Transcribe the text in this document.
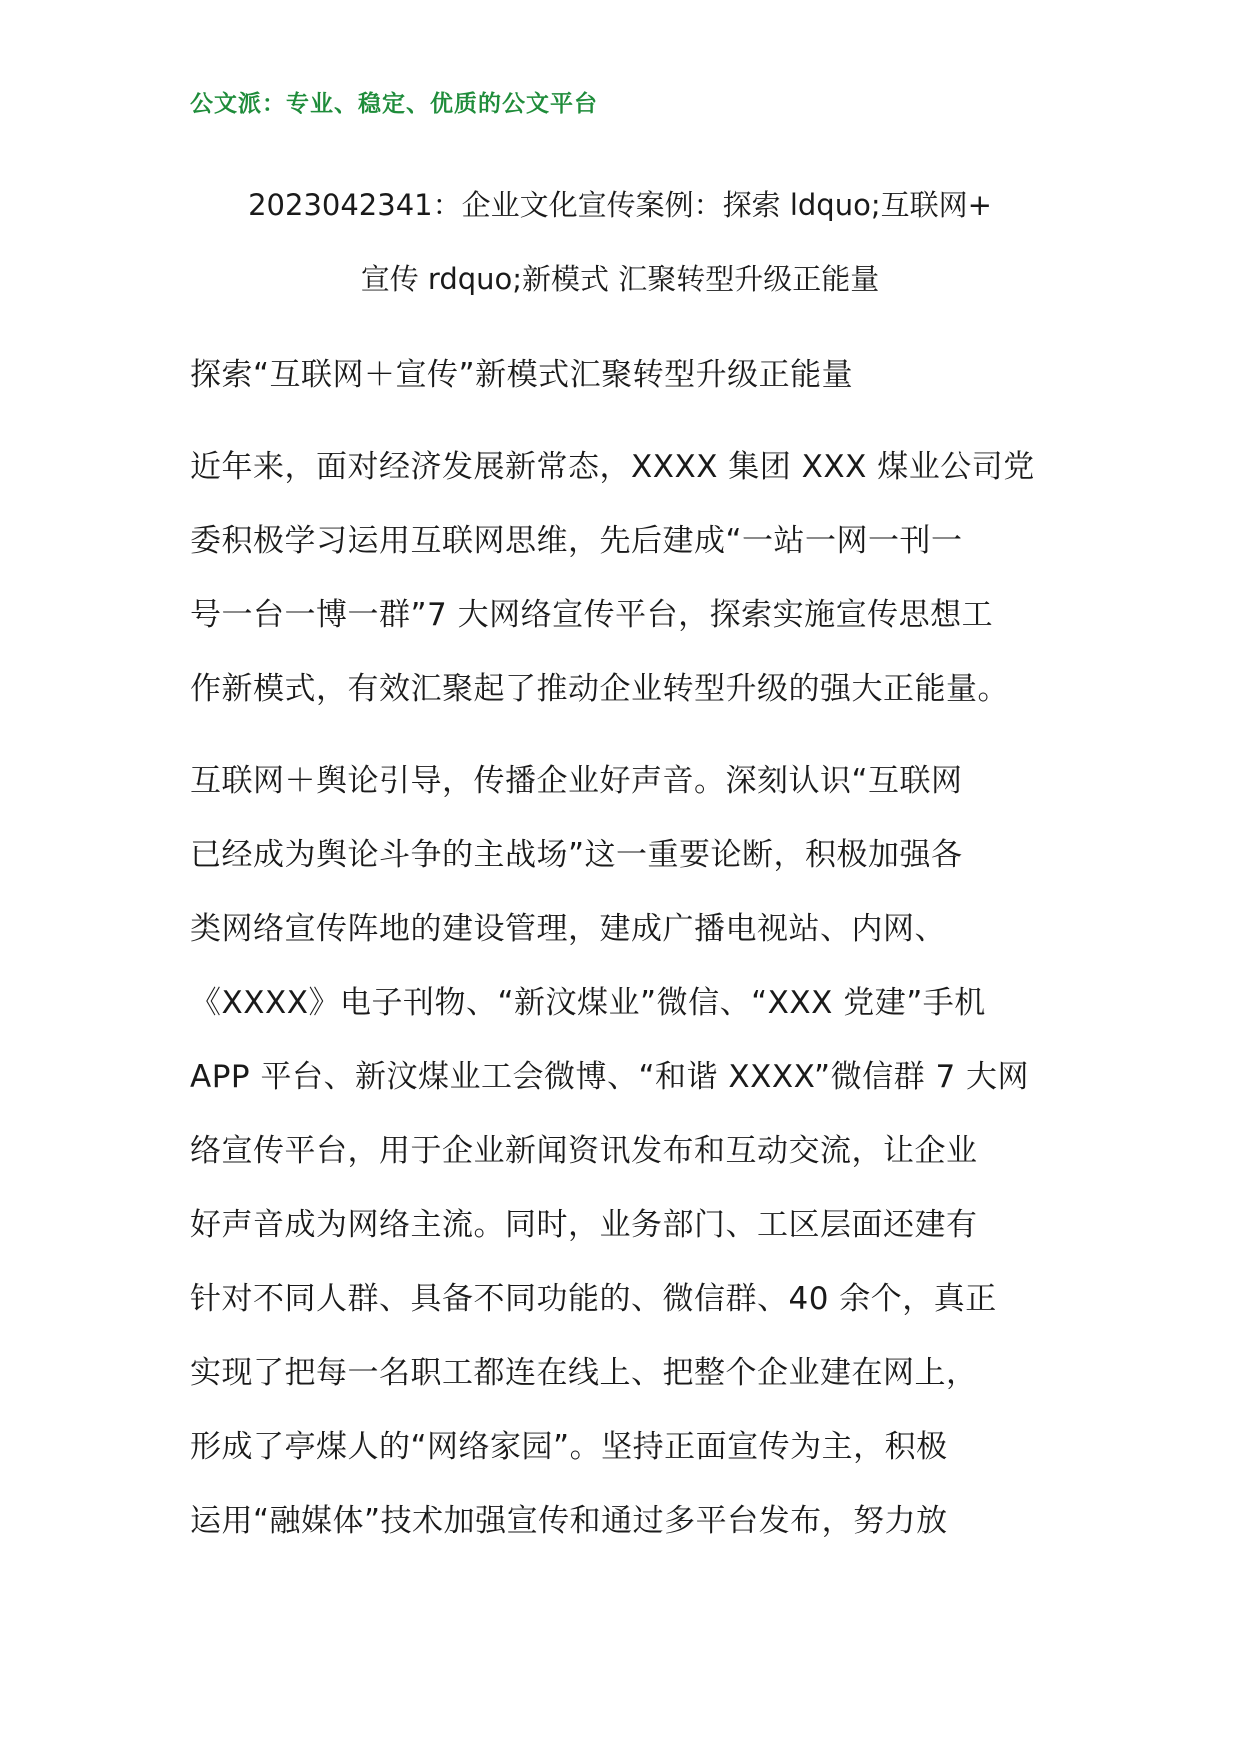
公文派：专业、稳定、优质的公文平台
2023042341：企业文化宣传案例：探索 ldquo;互联网+
宣传 rdquo;新模式 汇聚转型升级正能量
探索“互联网＋宣传”新模式汇聚转型升级正能量
近年来，面对经济发展新常态，XXXX 集团 XXX 煤业公司党
委积极学习运用互联网思维，先后建成“一站一网一刊一
号一台一博一群”7 大网络宣传平台，探索实施宣传思想工
作新模式，有效汇聚起了推动企业转型升级的强大正能量。
互联网＋舆论引导，传播企业好声音。深刻认识“互联网
已经成为舆论斗争的主战场”这一重要论断，积极加强各
类网络宣传阵地的建设管理，建成广播电视站、内网、
《XXXX》电子刊物、“新汶煤业”微信、“XXX 党建”手机
APP 平台、新汶煤业工会微博、“和谐 XXXX”微信群 7 大网
络宣传平台，用于企业新闻资讯发布和互动交流，让企业
好声音成为网络主流。同时，业务部门、工区层面还建有
针对不同人群、具备不同功能的、微信群、40 余个，真正
实现了把每一名职工都连在线上、把整个企业建在网上，
形成了亭煤人的“网络家园”。坚持正面宣传为主，积极
运用“融媒体”技术加强宣传和通过多平台发布，努力放
